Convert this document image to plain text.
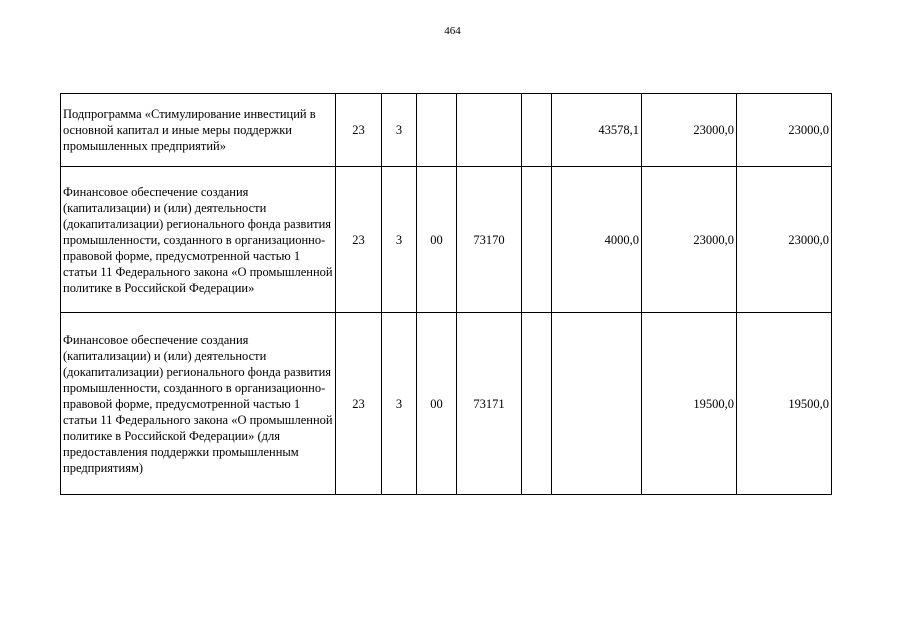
464
Подпрограмма «Стимулирование инвестиций в основной капитал и иные меры поддержки промышленных предприятий»	23	3				43578,1	23000,0	23000,0
Финансовое обеспечение создания (капитализации) и (или) деятельности (докапитализации) регионального фонда развития промышленности, созданного в организационно-правовой форме, предусмотренной частью 1 статьи 11 Федерального закона «О промышленной политике в Российской Федерации»	23	3	00	73170		4000,0	23000,0	23000,0
Финансовое обеспечение создания (капитализации) и (или) деятельности (докапитализации) регионального фонда развития промышленности, созданного в организационно-правовой форме, предусмотренной частью 1 статьи 11 Федерального закона «О промышленной политике в Российской Федерации» (для предоставления поддержки промышленным предприятиям)	23	3	00	73171			19500,0	19500,0
